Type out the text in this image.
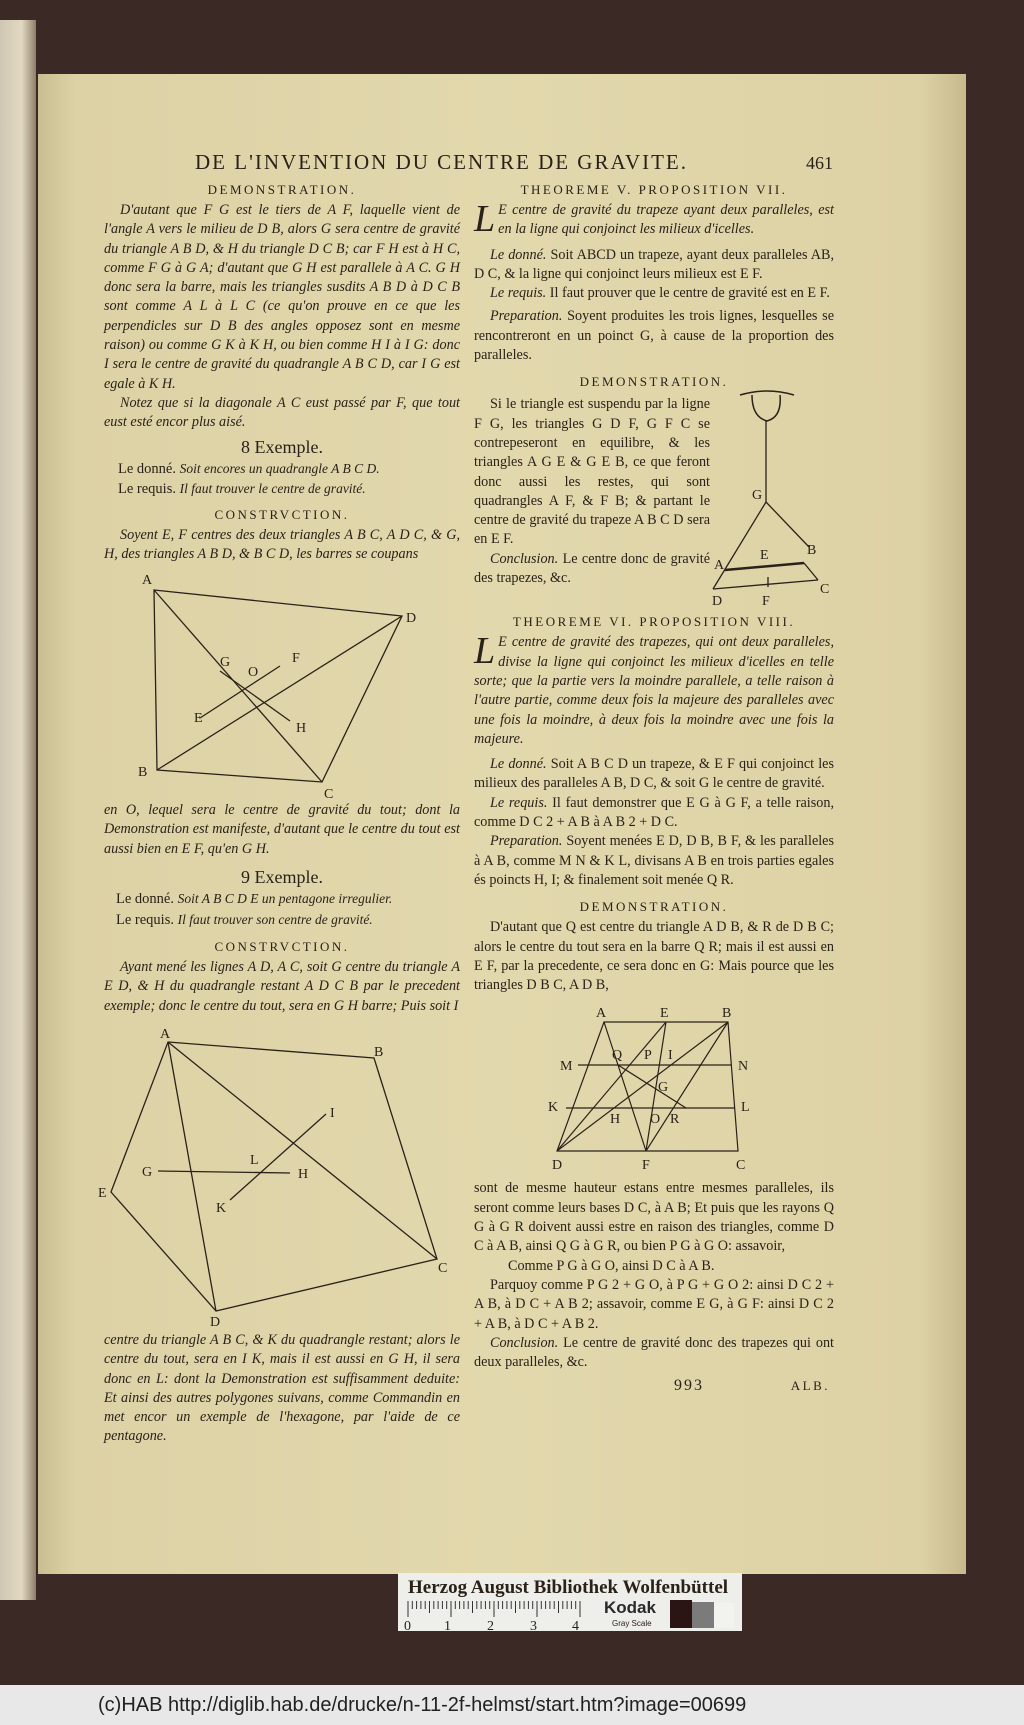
DE L'INVENTION DU CENTRE DE GRAVITE.	461
DEMONSTRATION.
D'autant que F G est le tiers de A F, laquelle vient de l'angle A vers le milieu de D B, alors G sera centre de gravité du triangle A B D, & H du triangle D C B; car F H est à H C, comme F G à G A; d'autant que G H est parallele à A C. G H donc sera la barre, mais les triangles susdits A B D à D C B sont comme A L à L C (ce qu'on prouve en ce que les perpendicles sur D B des angles opposez sont en mesme raison) ou comme G K à K H, ou bien comme H I à I G: donc I sera le centre de gravité du quadrangle A B C D, car I G est egale à K H.
Notez que si la diagonale A C eust passé par F, que tout eust esté encor plus aisé.
8 Exemple.
Le donné. Soit encores un quadrangle A B C D.
Le requis. Il faut trouver le centre de gravité.
CONSTRVCTION.
Soyent E, F centres des deux triangles A B C, A D C, & G, H, des triangles A B D, & B C D, les barres se coupans
A
D
C
B
G
O
F
E
H
en O, lequel sera le centre de gravité du tout; dont la Demonstration est manifeste, d'autant que le centre du tout est aussi bien en E F, qu'en G H.
9 Exemple.
Le donné. Soit A B C D E un pentagone irregulier.
Le requis. Il faut trouver son centre de gravité.
CONSTRVCTION.
Ayant mené les lignes A D, A C, soit G centre du triangle A E D, & H du quadrangle restant A D C B par le precedent exemple; donc le centre du tout, sera en G H barre; Puis soit I
A
B
C
D
E
G	H
I
K
L
centre du triangle A B C, & K du quadrangle restant; alors le centre du tout, sera en I K, mais il est aussi en G H, il sera donc en L: dont la Demonstration est suffisamment deduite: Et ainsi des autres polygones suivans, comme Commandin en met encor un exemple de l'hexagone, par l'aide de ce pentagone.
THEOREME V. PROPOSITION VII.
L E centre de gravité du trapeze ayant deux paralleles, est en la ligne qui conjoinct les milieux d'icelles.
Le donné. Soit ABCD un trapeze, ayant deux paralleles AB, D C, & la ligne qui conjoinct leurs milieux est E F.
Le requis. Il faut prouver que le centre de gravité est en E F.
Preparation. Soyent produites les trois lignes, lesquelles se rencontreront en un poinct G, à cause de la proportion des paralleles.
DEMONSTRATION.
Si le triangle est suspendu par la ligne F G, les triangles G D F, G F C se contrepeseront en equilibre, & les triangles A G E & G E B, ce que feront donc aussi les restes, qui sont quadrangles A F, & F B; & partant le centre de gravité du trapeze A B C D sera en E F.
Conclusion. Le centre donc de gravité des trapezes, &c.
G
E	B
A
C
D	F
THEOREME VI. PROPOSITION VIII.
L E centre de gravité des trapezes, qui ont deux paralleles, divise la ligne qui conjoinct les milieux d'icelles en telle sorte; que la partie vers la moindre parallele, a telle raison à l'autre partie, comme deux fois la majeure des paralleles avec une fois la moindre, à deux fois la moindre avec une fois la majeure.
Le donné. Soit A B C D un trapeze, & E F qui conjoinct les milieux des paralleles A B, D C, & soit G le centre de gravité.
Le requis. Il faut demonstrer que E G à G F, a telle raison, comme D C 2 + A B à A B 2 + D C.
Preparation. Soyent menées E D, D B, B F, & les paralleles à A B, comme M N & K L, divisans A B en trois parties egales és poincts H, I; & finalement soit menée Q R.
DEMONSTRATION.
D'autant que Q est centre du triangle A D B, & R de D B C; alors le centre du tout sera en la barre Q R; mais il est aussi en E F, par la precedente, ce sera donc en G: Mais pource que les triangles D B C, A D B,
A	E	B
M	N
K	L
D	F	C
Q P I
G
H O R
sont de mesme hauteur estans entre mesmes paralleles, ils seront comme leurs bases D C, à A B; Et puis que les rayons Q G à G R doivent aussi estre en raison des triangles, comme D C à A B, ainsi Q G à G R, ou bien P G à G O: assavoir,
Comme P G à G O, ainsi D C à A B.
Parquoy comme P G 2 + G O, à P G + G O 2: ainsi D C 2 + A B, à D C + A B 2; assavoir, comme E G, à G F: ainsi D C 2 + A B, à D C + A B 2.
Conclusion. Le centre de gravité donc des trapezes qui ont deux paralleles, &c.
993	ALB.
Herzog August Bibliothek Wolfenbüttel
0 1	2	3	4
Kodak
Gray Scale
(c)HAB http://diglib.hab.de/drucke/n-11-2f-helmst/start.htm?image=00699
